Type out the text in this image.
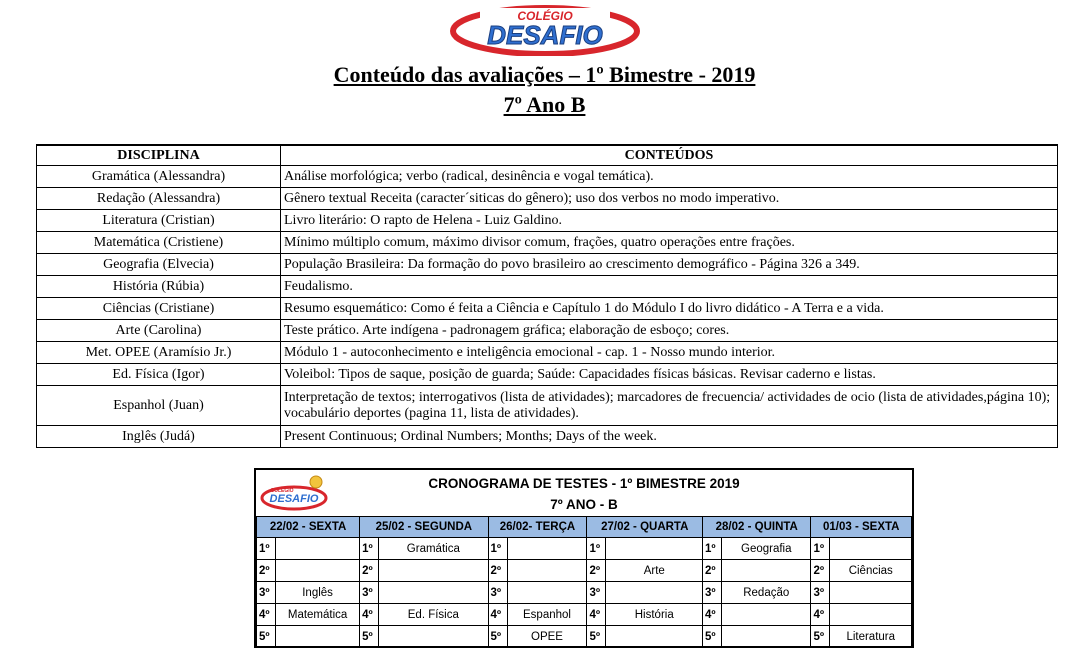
COLÉGIO
DESAFIO
Conteúdo das avaliações – 1º Bimestre - 2019
7º Ano B
DISCIPLINA	CONTEÚDOS
Gramática (Alessandra)	Análise morfológica; verbo (radical, desinência e vogal temática).
Redação (Alessandra)	Gênero textual Receita (caracter´siticas do gênero); uso dos verbos no modo imperativo.
Literatura (Cristian)	Livro literário: O rapto de Helena - Luiz Galdino.
Matemática (Cristiene)	Mínimo múltiplo comum, máximo divisor comum, frações, quatro operações entre frações.
Geografia (Elvecia)	População Brasileira: Da formação do povo brasileiro ao crescimento demográfico - Página 326 a 349.
História (Rúbia)	Feudalismo.
Ciências (Cristiane)	Resumo esquemático: Como é feita a Ciência e Capítulo 1 do Módulo I do livro didático - A Terra e a vida.
Arte (Carolina)	Teste prático. Arte indígena - padronagem gráfica; elaboração de esboço; cores.
Met. OPEE (Aramísio Jr.)	Módulo 1 - autoconhecimento e inteligência emocional - cap. 1 - Nosso mundo interior.
Ed. Física (Igor)	Voleibol: Tipos de saque, posição de guarda; Saúde: Capacidades físicas básicas. Revisar caderno e listas.
Espanhol (Juan)	Interpretação de textos; interrogativos (lista de atividades); marcadores de frecuencia/ actividades de ocio (lista de atividades,página 10); vocabulário deportes (pagina 11, lista de atividades).
Inglês (Judá)	Present Continuous; Ordinal Numbers; Months; Days of the week.
COLÉGIO
DESAFIO
CRONOGRAMA DE TESTES - 1º BIMESTRE 2019
7º ANO - B
22/02 - SEXTA		25/02 - SEGUNDA		26/02- TERÇA		27/02 - QUARTA		28/02 - QUINTA		01/03 - SEXTA	
1º		1º	Gramática	1º		1º		1º	Geografia	1º	
2º		2º		2º		2º	Arte	2º		2º	Ciências
3º	Inglês	3º		3º		3º		3º	Redação	3º	
4º	Matemática	4º	Ed. Física	4º	Espanhol	4º	História	4º		4º	
5º		5º		5º	OPEE	5º		5º		5º	Literatura
